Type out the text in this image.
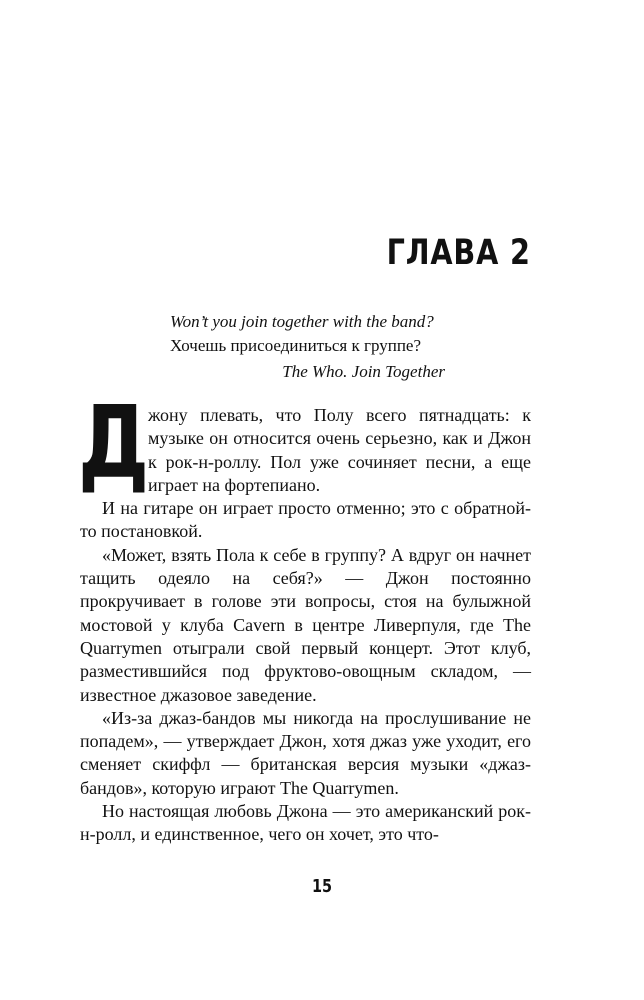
ГЛАВА 2

Won’t you join together with the band?

Хочешь присоединиться к группе?

The Who. Join Together

Д
жону плевать, что Полу всего пятнадцать: к музыке он относится очень серьезно, как и Джон к рок-н-роллу. Пол уже сочиняет песни, а еще играет на фортепиано.

И на гитаре он играет просто отменно; это с обратной-то постановкой.

«Может, взять Пола к себе в группу? А вдруг он начнет тащить одеяло на себя?» — Джон постоянно прокручивает в голове эти вопросы, стоя на булыжной мостовой у клуба Cavern в центре Ливерпуля, где The Quarrymen отыграли свой первый концерт. Этот клуб, разместившийся под фруктово-овощным складом, — известное джазовое заведение.

«Из-за джаз-бандов мы никогда на прослушивание не попадем», — утверждает Джон, хотя джаз уже уходит, его сменяет скиффл — британская версия музыки «джаз-бандов», которую играют The Quarrymen.

Но настоящая любовь Джона — это американский рок-н-ролл, и единственное, чего он хочет, это что-

15
